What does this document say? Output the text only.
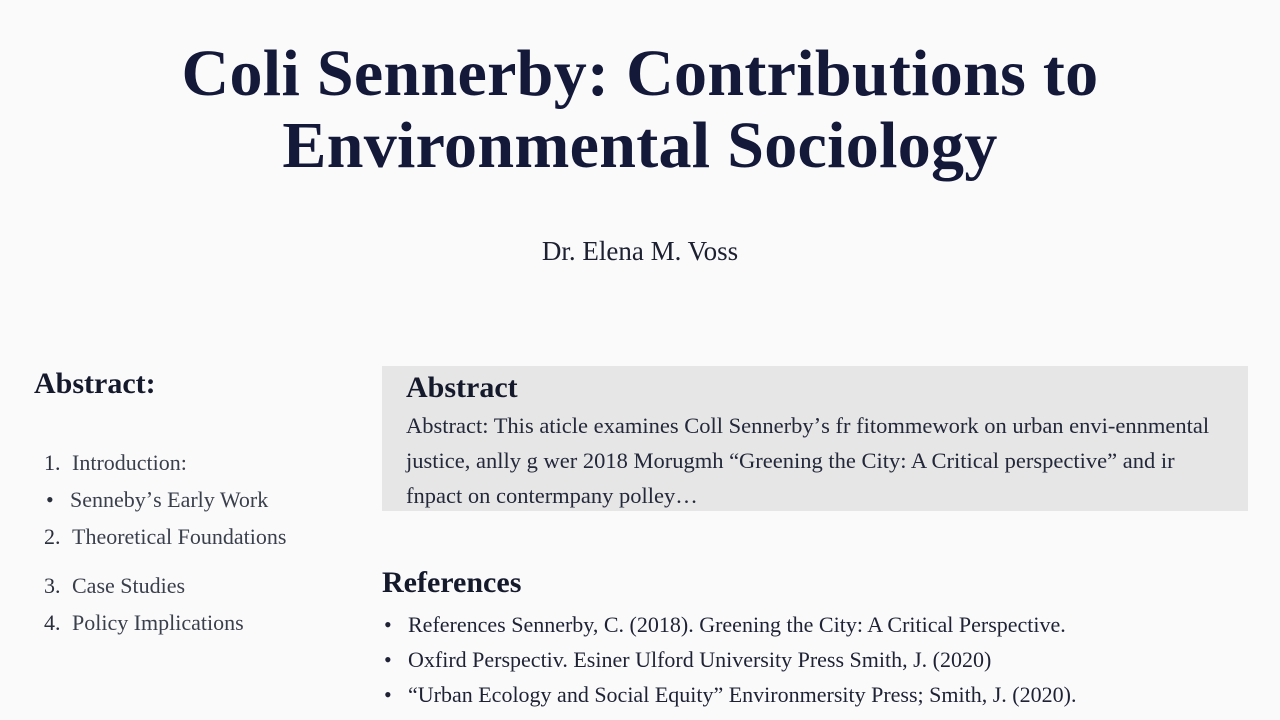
Coli Sennerby: Contributions to
Environmental Sociology
Dr. Elena M. Voss
Abstract:
1. Introduction:
• Sennebyʼs Early Work
2. Theoretical Foundations
3. Case Studies
4. Policy Implications
Abstract

Abstract: This aticle examines Coll Sennerbyʼs fr fitommework on urban envi-ennmental justice, anlly g wer 2018 Morugmh “Greening the City: A Critical perspective” and ir fnpact on contermpany polley…

References
• References Sennerby, C. (2018). Greening the City: A Critical Perspective.
• Oxfird Perspectiv. Esiner Ulford University Press Smith, J. (2020)
• “Urban Ecology and Social Equity” Environmersity Press; Smith, J. (2020).
